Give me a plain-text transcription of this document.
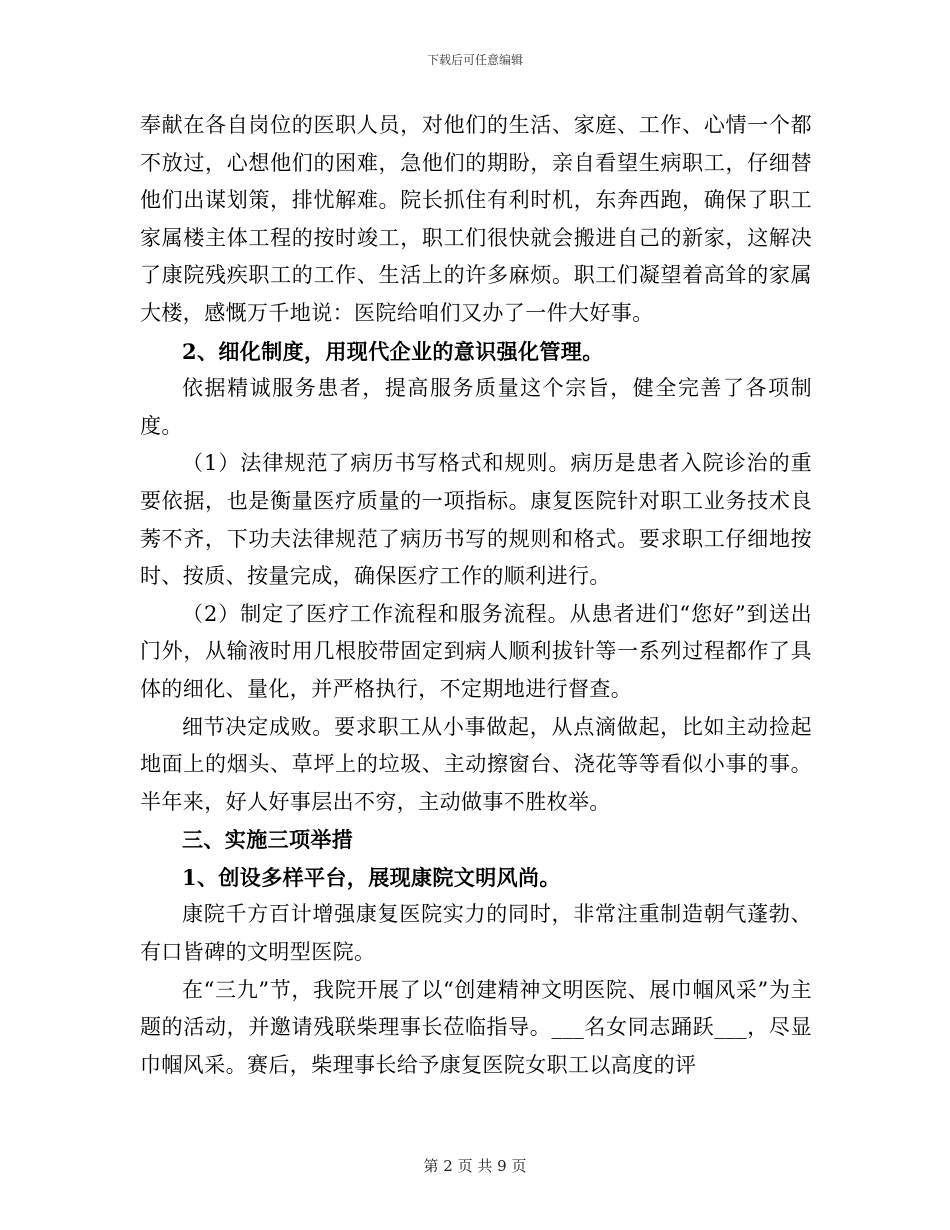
下载后可任意编辑

奉献在各自岗位的医职人员，对他们的生活、家庭、工作、心情一个都不放过，心想他们的困难，急他们的期盼，亲自看望生病职工，仔细替他们出谋划策，排忧解难。院长抓住有利时机，东奔西跑，确保了职工家属楼主体工程的按时竣工，职工们很快就会搬进自己的新家，这解决了康院残疾职工的工作、生活上的许多麻烦。职工们凝望着高耸的家属大楼，感慨万千地说：医院给咱们又办了一件大好事。

2、细化制度，用现代企业的意识强化管理。

依据精诚服务患者，提高服务质量这个宗旨，健全完善了各项制度。

（1）法律规范了病历书写格式和规则。病历是患者入院诊治的重要依据，也是衡量医疗质量的一项指标。康复医院针对职工业务技术良莠不齐，下功夫法律规范了病历书写的规则和格式。要求职工仔细地按时、按质、按量完成，确保医疗工作的顺利进行。

（2）制定了医疗工作流程和服务流程。从患者进们“您好”到送出门外，从输液时用几根胶带固定到病人顺利拔针等一系列过程都作了具体的细化、量化，并严格执行，不定期地进行督查。

细节决定成败。要求职工从小事做起，从点滴做起，比如主动捡起地面上的烟头、草坪上的垃圾、主动擦窗台、浇花等等看似小事的事。半年来，好人好事层出不穷，主动做事不胜枚举。

三、实施三项举措

1、创设多样平台，展现康院文明风尚。

康院千方百计增强康复医院实力的同时，非常注重制造朝气蓬勃、有口皆碑的文明型医院。

在“三九”节，我院开展了以“创建精神文明医院、展巾帼风采”为主题的活动，并邀请残联柴理事长莅临指导。___名女同志踊跃___，尽显巾帼风采。赛后，柴理事长给予康复医院女职工以高度的评

第 2 页 共 9 页
